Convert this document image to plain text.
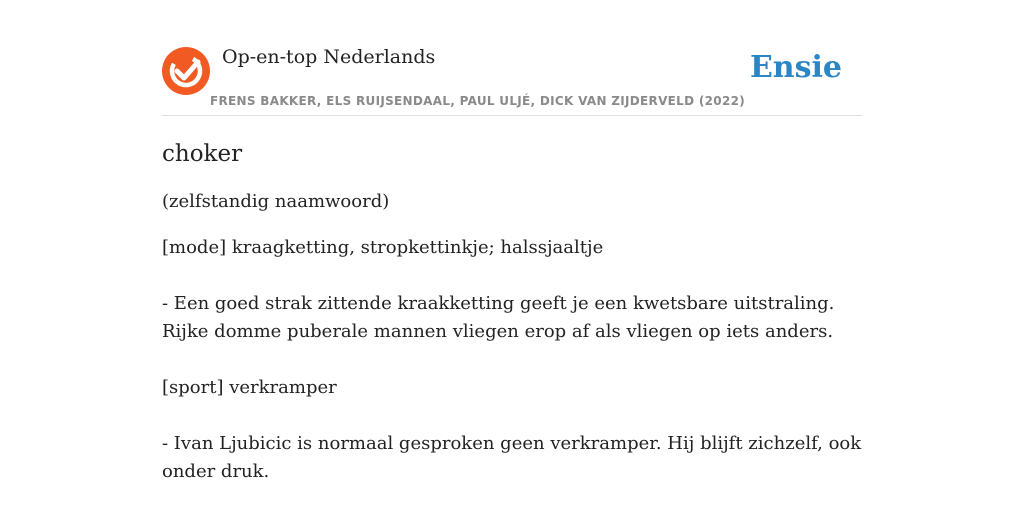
Op-en-top Nederlands
FRENS BAKKER, ELS RUIJSENDAAL, PAUL ULJÉ, DICK VAN ZIJDERVELD (2022)
Ensie
choker
(zelfstandig naamwoord)
[mode] kraagketting, stropkettinkje; halssjaaltje
- Een goed strak zittende kraakketting geeft je een kwetsbare uitstraling. Rijke domme puberale mannen vliegen erop af als vliegen op iets anders.
[sport] verkramper
- Ivan Ljubicic is normaal gesproken geen verkramper. Hij blijft zichzelf, ook onder druk.
